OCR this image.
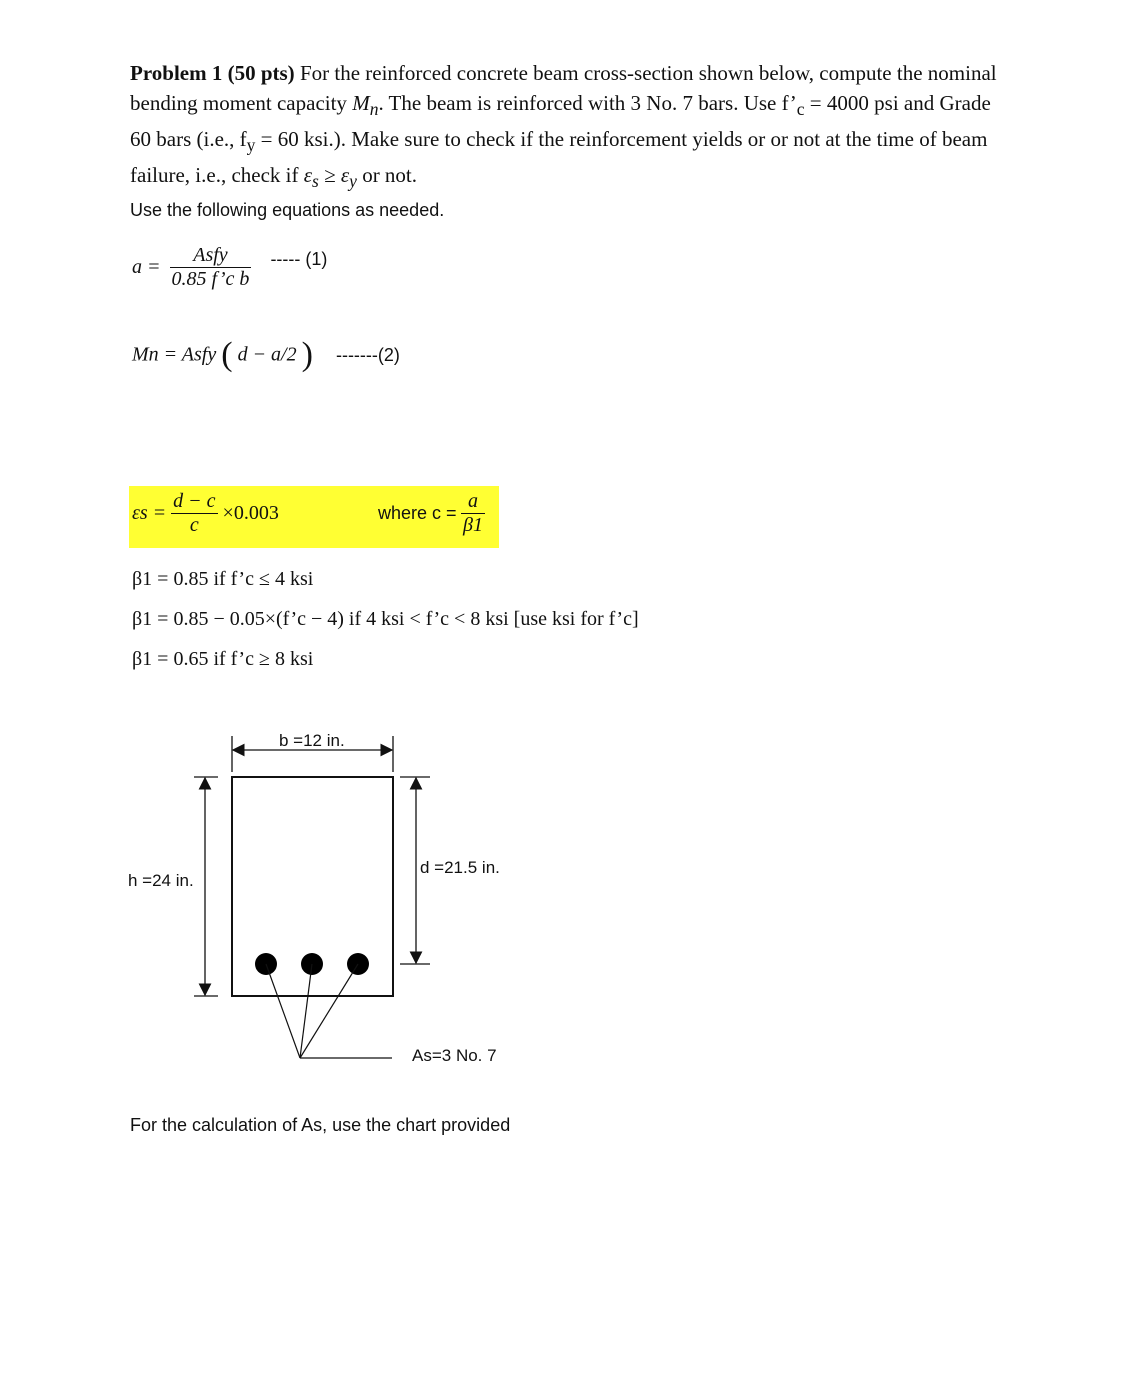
Problem 1 (50 pts) For the reinforced concrete beam cross-section shown below, compute the nominal bending moment capacity $M_n$. The beam is reinforced with 3 No. 7 bars. Use $f’_c = 4000$ psi and Grade 60 bars (i.e., $f_y = 60$ ksi.). Make sure to check if the reinforcement yields or or not at the time of beam failure, i.e., check if $\varepsilon_s \ge \varepsilon_y$ or not.
Use the following equations as needed.
$a = \frac{\text{Asfy}}{\text{0.85 f’c b}}$ ----- (1)
Mn = Asfy ( d − a/2 ) -------(2)
$\varepsilon s = \frac{d - c}{c} \times 0.003$	where $c = \frac{a}{\beta 1}$
β1 = 0.85 if f’c ≤ 4 ksi
β1 = 0.85 − 0.05×(f’c − 4) if 4 ksi < f’c < 8 ksi [use ksi for f’c]
β1 = 0.65 if f’c ≥ 8 ksi
b =12 in.
h =24 in.
d =21.5 in.
As=3 No. 7
For the calculation of As, use the chart provided
